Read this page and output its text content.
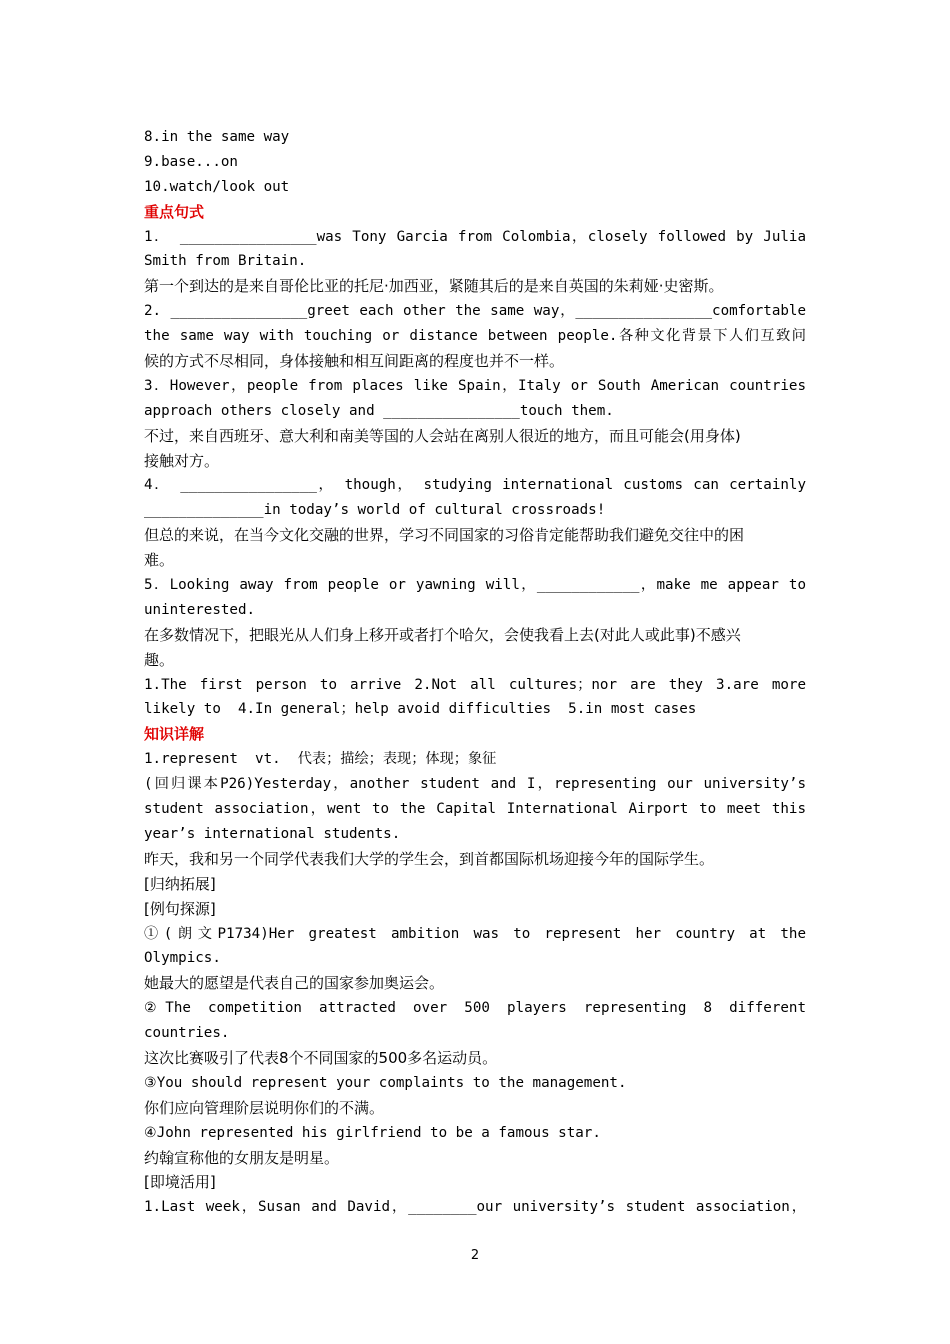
8.in the same way
9.base...on
10.watch/look out
重点句式
1． ________________was Tony Garcia from Colombia，closely followed by Julia
Smith from Britain.
第一个到达的是来自哥伦比亚的托尼·加西亚，紧随其后的是来自英国的朱莉娅·史密斯。
2. ________________greet each other the same way，________________comfortable
the same way with touching or distance between people.各种文化背景下人们互致问
候的方式不尽相同，身体接触和相互间距离的程度也并不一样。
3．However，people from places like Spain，Italy or South American countries
approach others closely and ________________touch them.
不过，来自西班牙、意大利和南美等国的人会站在离别人很近的地方，而且可能会(用身体)
接触对方。
4． ________________， though， studying international customs can certainly
______________in today’s world of cultural crossroads!
但总的来说，在当今文化交融的世界，学习不同国家的习俗肯定能帮助我们避免交往中的困
难。
5．Looking away from people or yawning will，____________，make me appear to
uninterested.
在多数情况下，把眼光从人们身上移开或者打个哈欠，会使我看上去(对此人或此事)不感兴
趣。
1.The first person to arrive 2.Not all cultures；nor are they 3.are more
likely to  4.In general；help avoid difficulties  5.in most cases
知识详解
1.represent  vt.  代表；描绘；表现；体现；象征
(回归课本P26)Yesterday，another student and I，representing our university’s
student association，went to the Capital International Airport to meet this
year’s international students.
昨天，我和另一个同学代表我们大学的学生会，到首都国际机场迎接今年的国际学生。
[归纳拓展]
[例句探源]
①(朗文P1734)Her greatest ambition was to represent her country at the
Olympics.
她最大的愿望是代表自己的国家参加奥运会。
②The competition attracted over 500 players representing 8 different
countries.
这次比赛吸引了代表8个不同国家的500多名运动员。
③You should represent your complaints to the management.
你们应向管理阶层说明你们的不满。
④John represented his girlfriend to be a famous star.
约翰宣称他的女朋友是明星。
[即境活用]
1.Last week，Susan and David，________our university’s student association，
2
